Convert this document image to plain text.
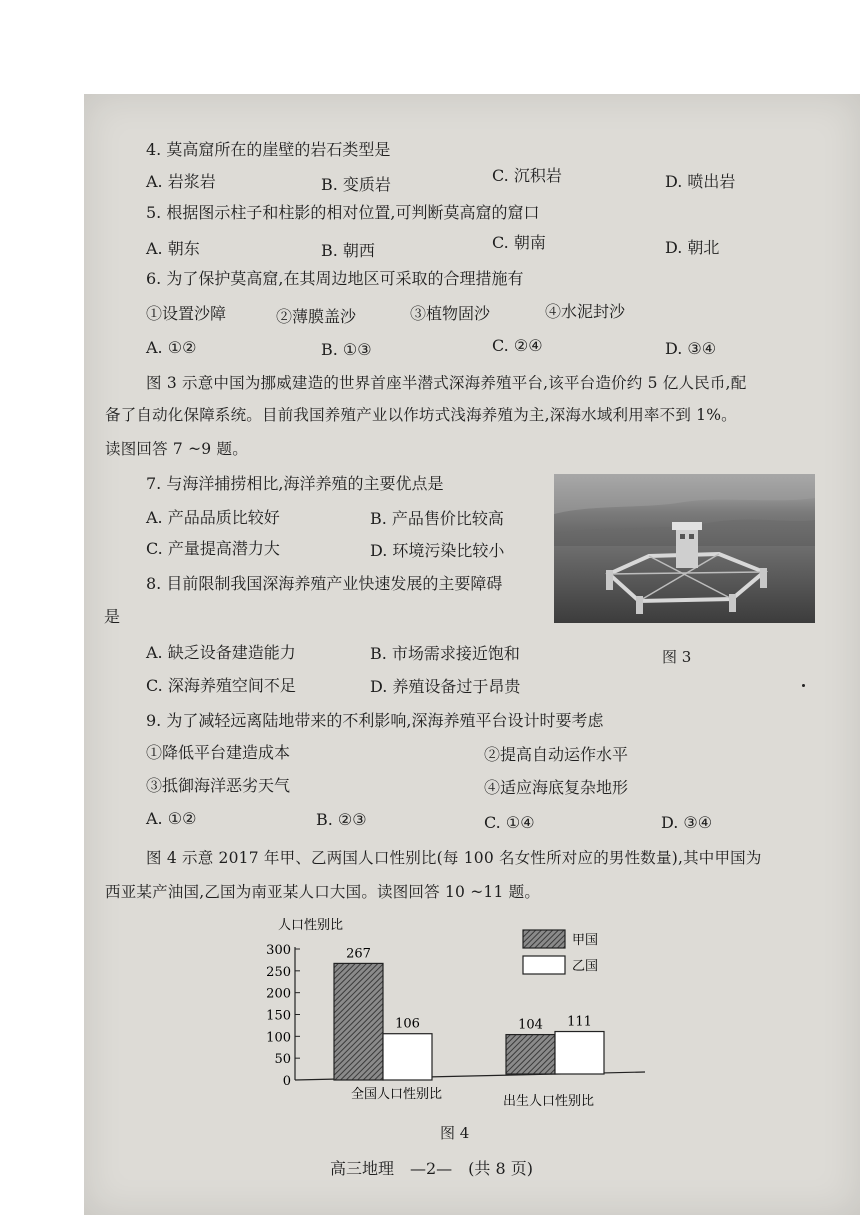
4. 莫高窟所在的崖壁的岩石类型是
A. 岩浆岩	B. 变质岩	C. 沉积岩	D. 喷出岩
5. 根据图示柱子和柱影的相对位置,可判断莫高窟的窟口
A. 朝东	B. 朝西	C. 朝南	D. 朝北
6. 为了保护莫高窟,在其周边地区可采取的合理措施有
①设置沙障	②薄膜盖沙	③植物固沙	④水泥封沙
A. ①②	B. ①③	C. ②④	D. ③④
图 3 示意中国为挪威建造的世界首座半潜式深海养殖平台,该平台造价约 5 亿人民币,配
备了自动化保障系统。目前我国养殖产业以作坊式浅海养殖为主,深海水域利用率不到 1%。
读图回答 7 ~9 题。
7. 与海洋捕捞相比,海洋养殖的主要优点是
A. 产品品质比较好	B. 产品售价比较高
C. 产量提高潜力大	D. 环境污染比较小
8. 目前限制我国深海养殖产业快速发展的主要障碍
是
A. 缺乏设备建造能力	B. 市场需求接近饱和
C. 深海养殖空间不足	D. 养殖设备过于昂贵
图 3
9. 为了减轻远离陆地带来的不利影响,深海养殖平台设计时要考虑
①降低平台建造成本	②提高自动运作水平
③抵御海洋恶劣天气	④适应海底复杂地形
A. ①②	B. ②③	C. ①④	D. ③④
图 4 示意 2017 年甲、乙两国人口性别比(每 100 名女性所对应的男性数量),其中甲国为
西亚某产油国,乙国为南亚某人口大国。读图回答 10 ~11 题。
人口性别比
0
50
100
150
200
250
300	267
106
全国人口性别比
104 111
出生人口性别比
甲国
乙国
图 4
高三地理　—2—　(共 8 页)
